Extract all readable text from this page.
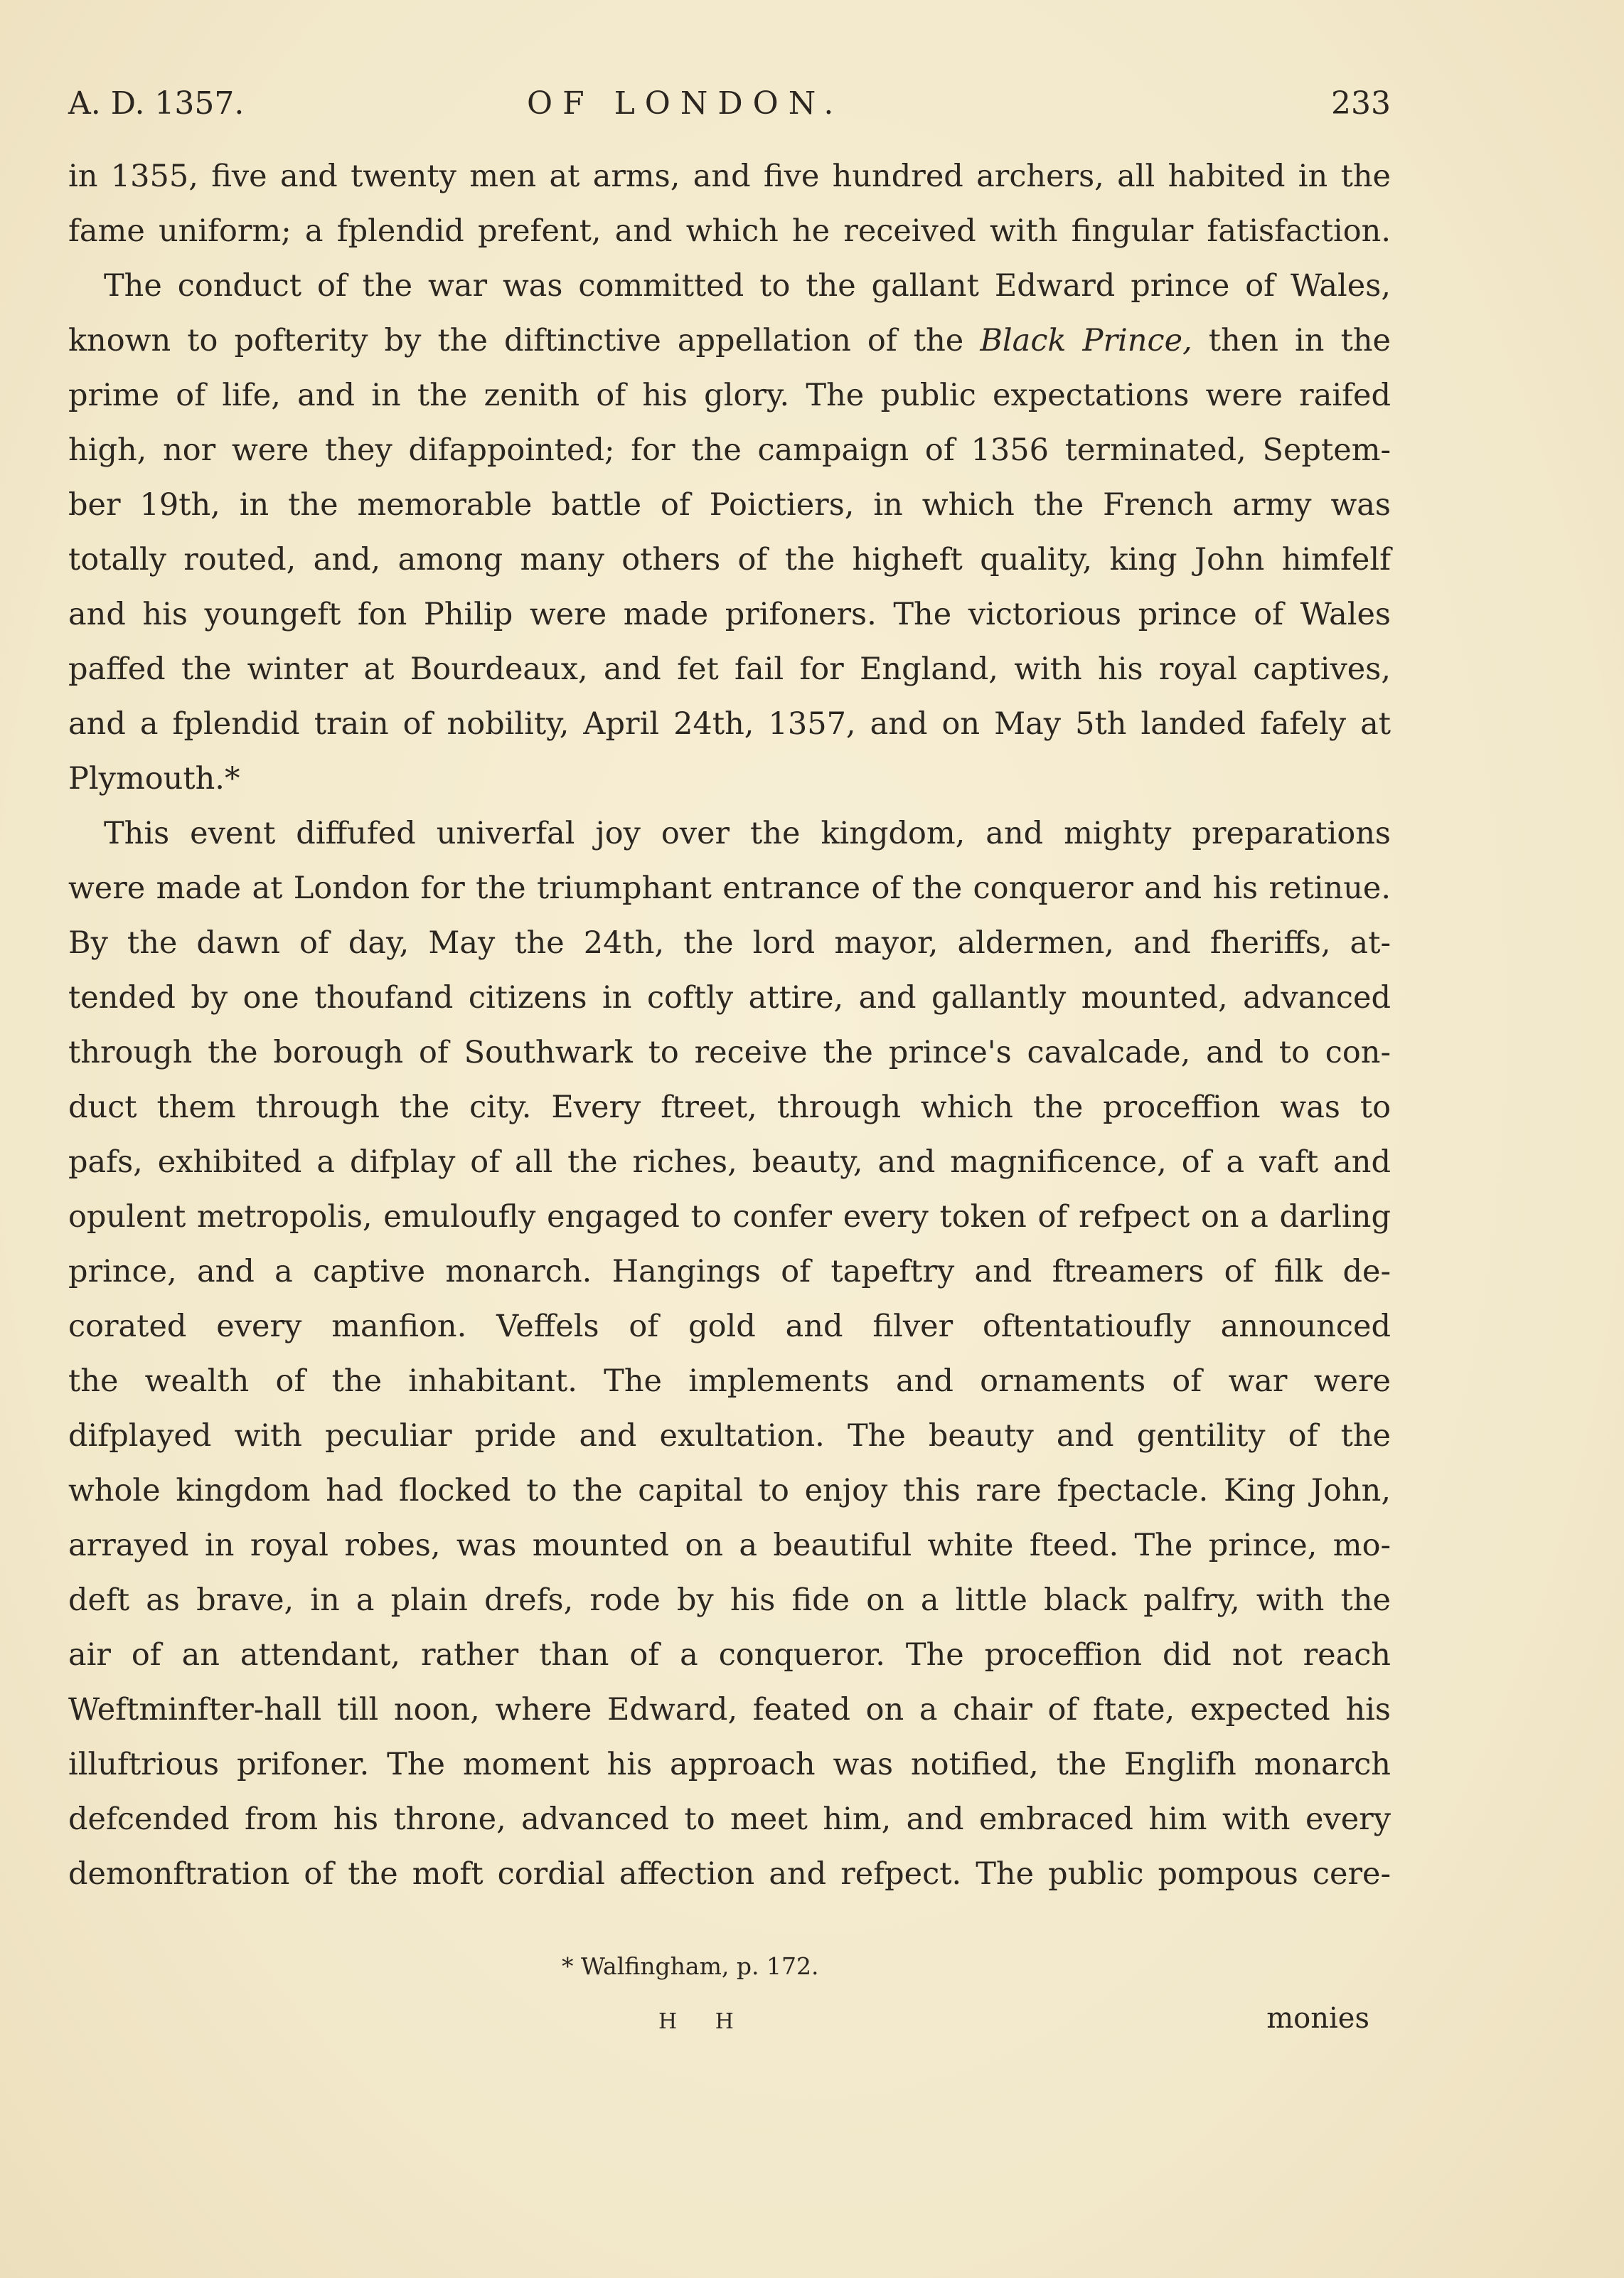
A. D. 1357.	OF LONDON.	233
in 1355, five and twenty men at arms, and five hundred archers, all habited in the
fame uniform; a fplendid prefent, and which he received with fingular fatisfaction.
The conduct of the war was committed to the gallant Edward prince of Wales,
known to pofterity by the diftinctive appellation of the Black Prince, then in the
prime of life, and in the zenith of his glory. The public expectations were raifed
high, nor were they difappointed; for the campaign of 1356 terminated, Septem-
ber 19th, in the memorable battle of Poictiers, in which the French army was
totally routed, and, among many others of the higheft quality, king John himfelf
and his youngeft fon Philip were made prifoners. The victorious prince of Wales
paffed the winter at Bourdeaux, and fet fail for England, with his royal captives,
and a fplendid train of nobility, April 24th, 1357, and on May 5th landed fafely at
Plymouth.*
This event diffufed univerfal joy over the kingdom, and mighty preparations
were made at London for the triumphant entrance of the conqueror and his retinue.
By the dawn of day, May the 24th, the lord mayor, aldermen, and fheriffs, at-
tended by one thoufand citizens in coftly attire, and gallantly mounted, advanced
through the borough of Southwark to receive the prince's cavalcade, and to con-
duct them through the city. Every ftreet, through which the proceffion was to
pafs, exhibited a difplay of all the riches, beauty, and magnificence, of a vaft and
opulent metropolis, emuloufly engaged to confer every token of refpect on a darling
prince, and a captive monarch. Hangings of tapeftry and ftreamers of filk de-
corated every manfion. Veffels of gold and filver oftentatioufly announced
the wealth of the inhabitant. The implements and ornaments of war were
difplayed with peculiar pride and exultation. The beauty and gentility of the
whole kingdom had flocked to the capital to enjoy this rare fpectacle. King John,
arrayed in royal robes, was mounted on a beautiful white fteed. The prince, mo-
deft as brave, in a plain drefs, rode by his fide on a little black palfry, with the
air of an attendant, rather than of a conqueror. The proceffion did not reach
Weftminfter-hall till noon, where Edward, feated on a chair of ftate, expected his
illuftrious prifoner. The moment his approach was notified, the Englifh monarch
defcended from his throne, advanced to meet him, and embraced him with every
demonftration of the moft cordial affection and refpect. The public pompous cere-
* Walfingham, p. 172.
H H	monies
